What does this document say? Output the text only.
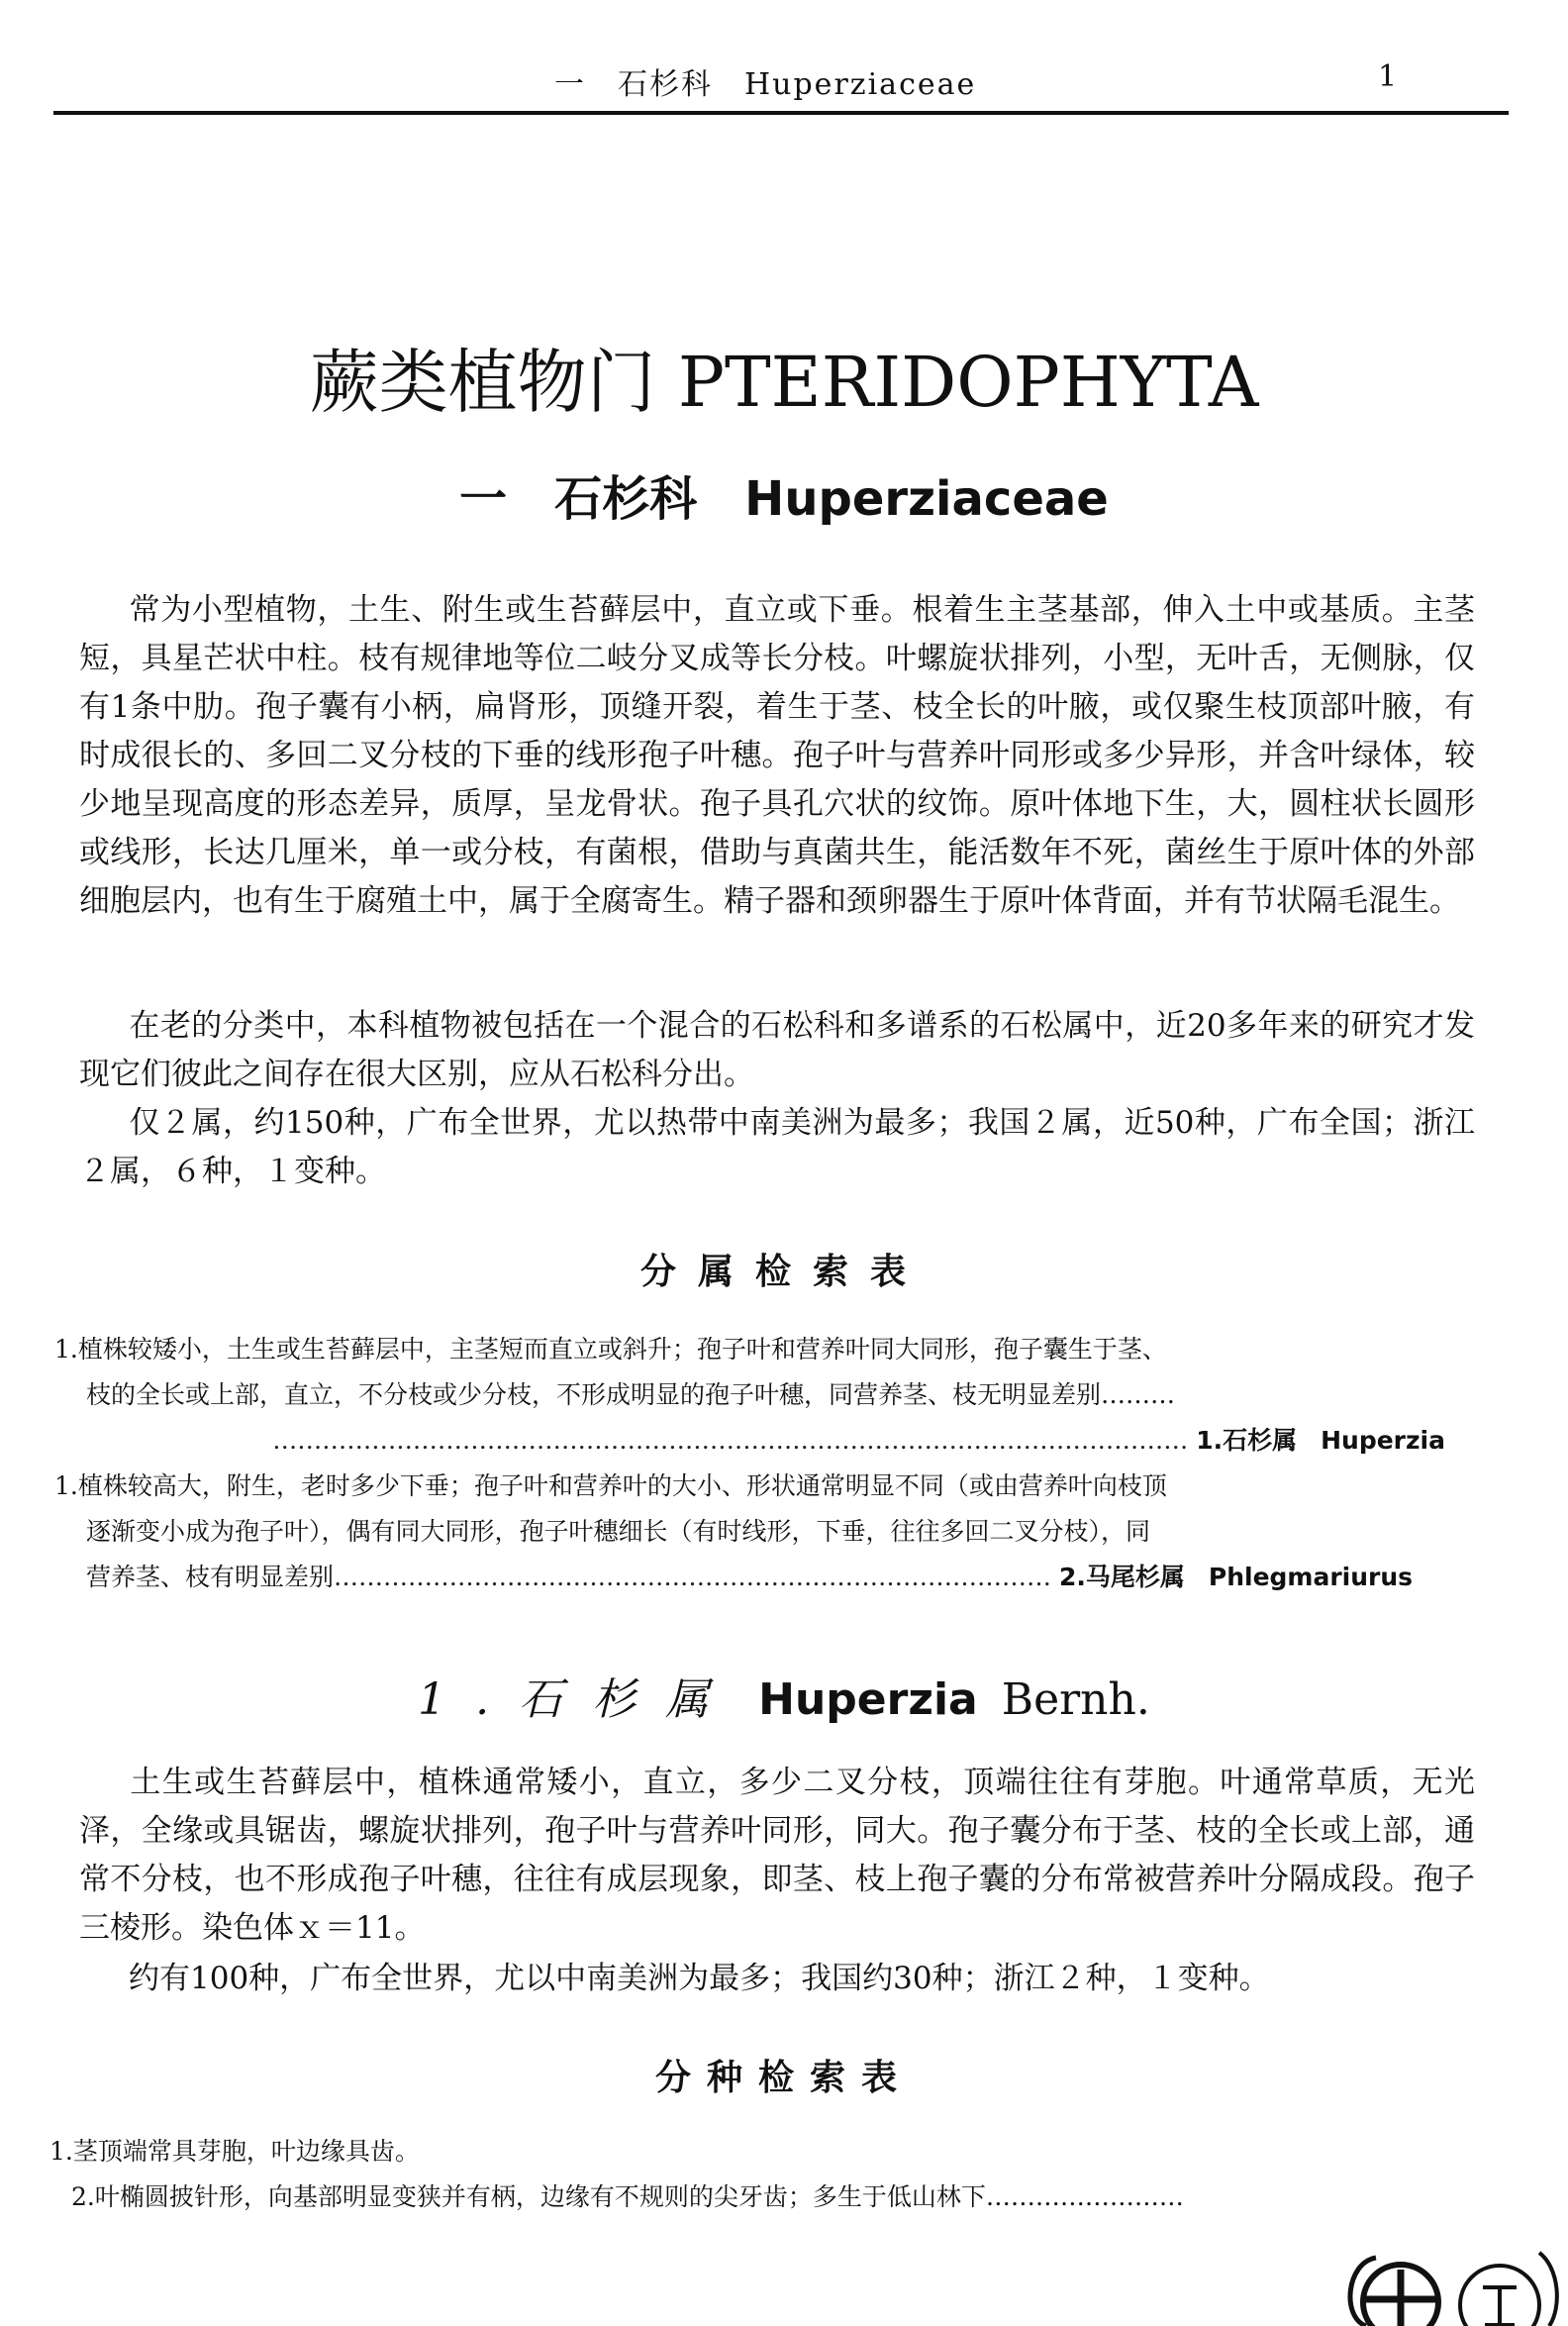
一　石杉科　Huperziaceae	1
蕨类植物门 PTERIDOPHYTA
一　石杉科　Huperziaceae
常为小型植物，土生、附生或生苔藓层中，直立或下垂。根着生主茎基部，伸入土中或基质。主茎短，具星芒状中柱。枝有规律地等位二岐分叉成等长分枝。叶螺旋状排列，小型，无叶舌，无侧脉，仅有1条中肋。孢子囊有小柄，扁肾形，顶缝开裂，着生于茎、枝全长的叶腋，或仅聚生枝顶部叶腋，有时成很长的、多回二叉分枝的下垂的线形孢子叶穗。孢子叶与营养叶同形或多少异形，并含叶绿体，较少地呈现高度的形态差异，质厚，呈龙骨状。孢子具孔穴状的纹饰。原叶体地下生，大，圆柱状长圆形或线形，长达几厘米，单一或分枝，有菌根，借助与真菌共生，能活数年不死，菌丝生于原叶体的外部细胞层内，也有生于腐殖土中，属于全腐寄生。精子器和颈卵器生于原叶体背面，并有节状隔毛混生。
在老的分类中，本科植物被包括在一个混合的石松科和多谱系的石松属中，近20多年来的研究才发现它们彼此之间存在很大区别，应从石松科分出。
仅２属，约150种，广布全世界，尤以热带中南美洲为最多；我国２属，近50种，广布全国；浙江２属，６种，１变种。
分属检索表
1.植株较矮小，土生或生苔藓层中，主茎短而直立或斜升；孢子叶和营养叶同大同形，孢子囊生于茎、
枝的全长或上部，直立，不分枝或少分枝，不形成明显的孢子叶穗，同营养茎、枝无明显差别………
………………………………………………………………………………………………… 1.石杉属 Huperzia
1.植株较高大，附生，老时多少下垂；孢子叶和营养叶的大小、形状通常明显不同（或由营养叶向枝顶
逐渐变小成为孢子叶），偶有同大同形，孢子叶穗细长（有时线形，下垂，往往多回二叉分枝），同
营养茎、枝有明显差别…………………………………………………………………………… 2.马尾杉属 Phlegmariurus
1.石杉属 Huperzia Bernh.
土生或生苔藓层中，植株通常矮小，直立，多少二叉分枝，顶端往往有芽胞。叶通常草质，无光泽，全缘或具锯齿，螺旋状排列，孢子叶与营养叶同形，同大。孢子囊分布于茎、枝的全长或上部，通常不分枝，也不形成孢子叶穗，往往有成层现象，即茎、枝上孢子囊的分布常被营养叶分隔成段。孢子三棱形。染色体ｘ＝11。
约有100种，广布全世界，尤以中南美洲为最多；我国约30种；浙江２种，１变种。
分种检索表
1.茎顶端常具芽胞，叶边缘具齿。
2.叶椭圆披针形，向基部明显变狭并有柄，边缘有不规则的尖牙齿；多生于低山林下……………………
